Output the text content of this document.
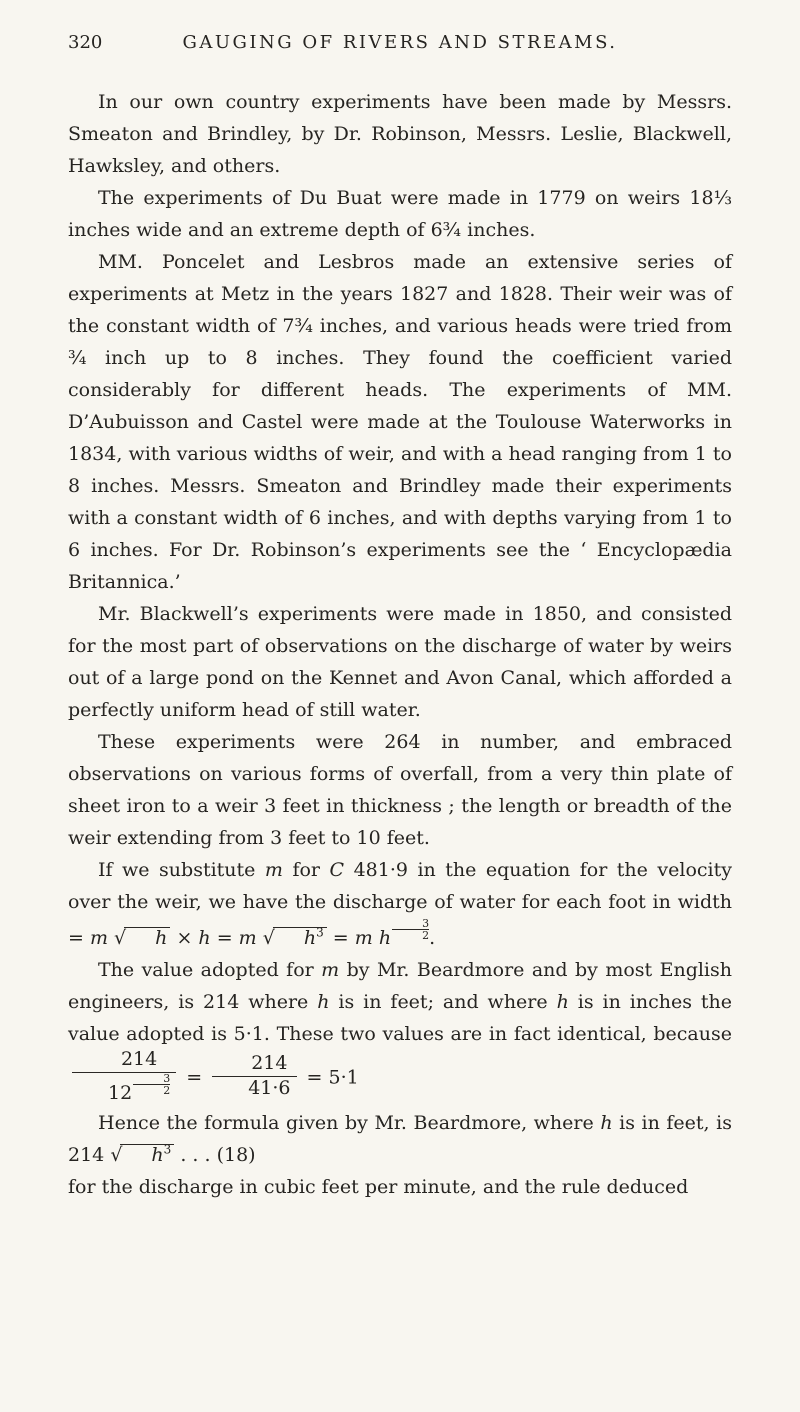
320	GAUGING OF RIVERS AND STREAMS.

In our own country experiments have been made by Messrs. Smeaton and Brindley, by Dr. Robinson, Messrs. Leslie, Blackwell, Hawksley, and others.

The experiments of Du Buat were made in 1779 on weirs 18⅓ inches wide and an extreme depth of 6¾ inches.

MM. Poncelet and Lesbros made an extensive series of experiments at Metz in the years 1827 and 1828. Their weir was of the constant width of 7¾ inches, and various heads were tried from ¾ inch up to 8 inches. They found the coefficient varied considerably for different heads. The experiments of MM. D’Aubuisson and Castel were made at the Toulouse Waterworks in 1834, with various widths of weir, and with a head ranging from 1 to 8 inches. Messrs. Smeaton and Brindley made their experiments with a constant width of 6 inches, and with depths varying from 1 to 6 inches. For Dr. Robinson’s experiments see the ‘ Encyclopædia Britannica.’

Mr. Blackwell’s experiments were made in 1850, and consisted for the most part of observations on the discharge of water by weirs out of a large pond on the Kennet and Avon Canal, which afforded a perfectly uniform head of still water.

These experiments were 264 in number, and embraced observations on various forms of overfall, from a very thin plate of sheet iron to a weir 3 feet in thickness ; the length or breadth of the weir extending from 3 feet to 10 feet.

If we substitute m for C 481·9 in the equation for the velocity over the weir, we have the discharge of water for each foot in width = m √ h × h = m √ $h^3 = m$ h $\frac{3}{2}$ .

The value adopted for m by Mr. Beardmore and by most English engineers, is 214 where h is in feet; and where h is in inches the value adopted is 5·1. These two values are in fact identical, because
$\frac{214}{12 \frac{3}{2}} = \frac{214}{41\cdot 6} = 5\cdot 1$

Hence the formula given by Mr. Beardmore, where h is in feet, is 214 √ $h^3$ . . . (18)

for the discharge in cubic feet per minute, and the rule deduced
